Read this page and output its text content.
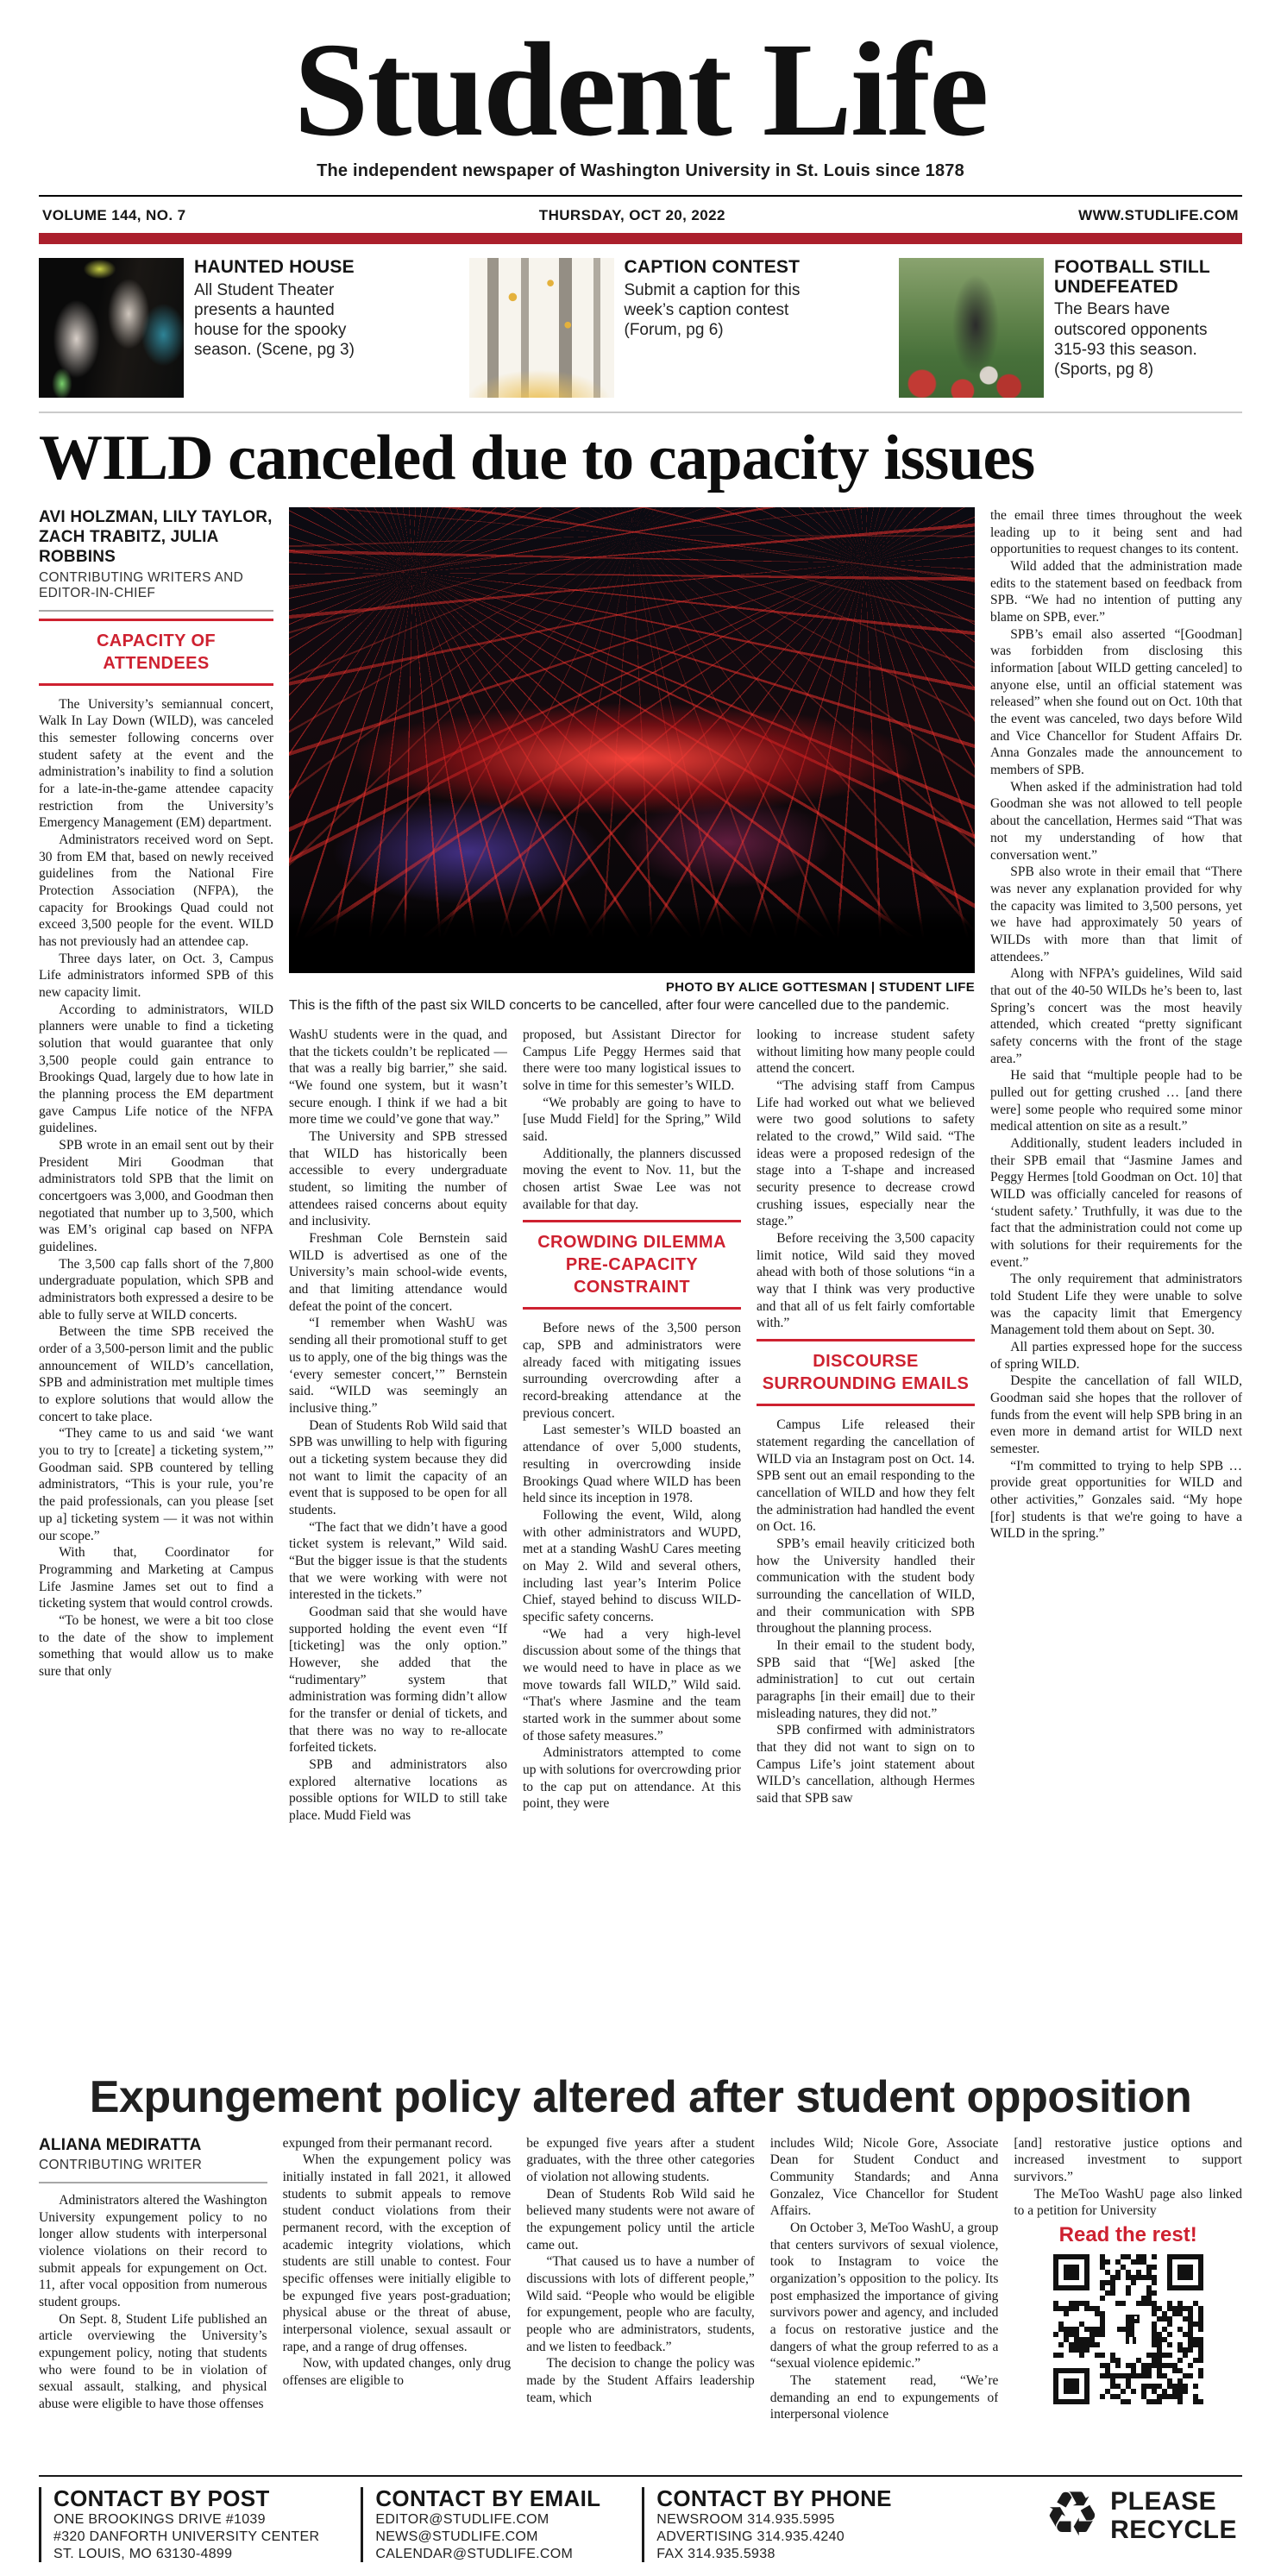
Student Life
The independent newspaper of Washington University in St. Louis since 1878
VOLUME 144, NO. 7	THURSDAY, OCT 20, 2022	WWW.STUDLIFE.COM
HAUNTED HOUSE
All Student Theater presents a haunted house for the spooky season. (Scene, pg 3)
CAPTION CONTEST
Submit a caption for this week’s caption contest (Forum, pg 6)
FOOTBALL STILL UNDEFEATED
The Bears have outscored opponents 315-93 this season. (Sports, pg 8)
WILD canceled due to capacity issues
AVI HOLZMAN, LILY TAYLOR, ZACH TRABITZ, JULIA ROBBINS
CONTRIBUTING WRITERS AND EDITOR-IN-CHIEF
CAPACITY OF ATTENDEES

The University’s semiannual concert, Walk In Lay Down (WILD), was canceled this semester following concerns over student safety at the event and the administration’s inability to find a solution for a late-in-the-game attendee capacity restriction from the University’s Emergency Management (EM) department.

Administrators received word on Sept. 30 from EM that, based on newly received guidelines from the National Fire Protection Association (NFPA), the capacity for Brookings Quad could not exceed 3,500 people for the event. WILD has not previously had an attendee cap.

Three days later, on Oct. 3, Campus Life administrators informed SPB of this new capacity limit.

According to administrators, WILD planners were unable to find a ticketing solution that would guarantee that only 3,500 people could gain entrance to Brookings Quad, largely due to how late in the planning process the EM department gave Campus Life notice of the NFPA guidelines.

SPB wrote in an email sent out by their President Miri Goodman that administrators told SPB that the limit on concertgoers was 3,000, and Goodman then negotiated that number up to 3,500, which was EM’s original cap based on NFPA guidelines.

The 3,500 cap falls short of the 7,800 undergraduate population, which SPB and administrators both expressed a desire to be able to fully serve at WILD concerts.

Between the time SPB received the order of a 3,500-person limit and the public announcement of WILD’s cancellation, SPB and administration met multiple times to explore solutions that would allow the concert to take place.

“They came to us and said ‘we want you to try to [create] a ticketing system,’” Goodman said. SPB countered by telling administrators, “This is your rule, you’re the paid professionals, can you please [set up a] ticketing system — it was not within our scope.”

With that, Coordinator for Programming and Marketing at Campus Life Jasmine James set out to find a ticketing system that would control crowds.

“To be honest, we were a bit too close to the date of the show to implement something that would allow us to make sure that only

PHOTO BY ALICE GOTTESMAN | STUDENT LIFE
This is the fifth of the past six WILD concerts to be cancelled, after four were cancelled due to the pandemic.

WashU students were in the quad, and that the tickets couldn’t be replicated — that was a really big barrier,” she said. “We found one system, but it wasn’t secure enough. I think if we had a bit more time we could’ve gone that way.”

The University and SPB stressed that WILD has historically been accessible to every undergraduate student, so limiting the number of attendees raised concerns about equity and inclusivity.

Freshman Cole Bernstein said WILD is advertised as one of the University’s main school-wide events, and that limiting attendance would defeat the point of the concert.

“I remember when WashU was sending all their promotional stuff to get us to apply, one of the big things was the ‘every semester concert,’” Bernstein said. “WILD was seemingly an inclusive thing.”

Dean of Students Rob Wild said that SPB was unwilling to help with figuring out a ticketing system because they did not want to limit the capacity of an event that is supposed to be open for all students.

“The fact that we didn’t have a good ticket system is relevant,” Wild said. “But the bigger issue is that the students that we were working with were not interested in the tickets.”

Goodman said that she would have supported holding the event even “If [ticketing] was the only option.” However, she added that the “rudimentary” system that administration was forming didn’t allow for the transfer or denial of tickets, and that there was no way to re-allocate forfeited tickets.

SPB and administrators also explored alternative locations as possible options for WILD to still take place. Mudd Field was

proposed, but Assistant Director for Campus Life Peggy Hermes said that there were too many logistical issues to solve in time for this semester’s WILD.

“We probably are going to have to [use Mudd Field] for the Spring,” Wild said.

Additionally, the planners discussed moving the event to Nov. 11, but the chosen artist Swae Lee was not available for that day.

CROWDING DILEMMA PRE-CAPACITY CONSTRAINT

Before news of the 3,500 person cap, SPB and administrators were already faced with mitigating issues surrounding overcrowding after a record-breaking attendance at the previous concert.

Last semester’s WILD boasted an attendance of over 5,000 students, resulting in overcrowding inside Brookings Quad where WILD has been held since its inception in 1978.

Following the event, Wild, along with other administrators and WUPD, met at a standing WashU Cares meeting on May 2. Wild and several others, including last year’s Interim Police Chief, stayed behind to discuss WILD-specific safety concerns.

“We had a very high-level discussion about some of the things that we would need to have in place as we move towards fall WILD,” Wild said. “That's where Jasmine and the team started work in the summer about some of those safety measures.”

Administrators attempted to come up with solutions for overcrowding prior to the cap put on attendance. At this point, they were

looking to increase student safety without limiting how many people could attend the concert.

“The advising staff from Campus Life had worked out what we believed were two good solutions to safety related to the crowd,” Wild said. “The ideas were a proposed redesign of the stage into a T-shape and increased security presence to decrease crowd crushing issues, especially near the stage.”

Before receiving the 3,500 capacity limit notice, Wild said they moved ahead with both of those solutions “in a way that I think was very productive and that all of us felt fairly comfortable with.”

DISCOURSE SURROUNDING EMAILS

Campus Life released their statement regarding the cancellation of WILD via an Instagram post on Oct. 14. SPB sent out an email responding to the cancellation of WILD and how they felt the administration had handled the event on Oct. 16.

SPB’s email heavily criticized both how the University handled their communication with the student body surrounding the cancellation of WILD, and their communication with SPB throughout the planning process.

In their email to the student body, SPB said that “[We] asked [the administration] to cut out certain paragraphs [in their email] due to their misleading natures, they did not.”

SPB confirmed with administrators that they did not want to sign on to Campus Life’s joint statement about WILD’s cancellation, although Hermes said that SPB saw

the email three times throughout the week leading up to it being sent and had opportunities to request changes to its content.

Wild added that the administration made edits to the statement based on feedback from SPB. “We had no intention of putting any blame on SPB, ever.”

SPB’s email also asserted “[Goodman] was forbidden from disclosing this information [about WILD getting canceled] to anyone else, until an official statement was released” when she found out on Oct. 10th that the event was canceled, two days before Wild and Vice Chancellor for Student Affairs Dr. Anna Gonzales made the announcement to members of SPB.

When asked if the administration had told Goodman she was not allowed to tell people about the cancellation, Hermes said “That was not my understanding of how that conversation went.”

SPB also wrote in their email that “There was never any explanation provided for why the capacity was limited to 3,500 persons, yet we have had approximately 50 years of WILDs with more than that limit of attendees.”

Along with NFPA’s guidelines, Wild said that out of the 40-50 WILDs he’s been to, last Spring’s concert was the most heavily attended, which created “pretty significant safety concerns with the front of the stage area.”

He said that “multiple people had to be pulled out for getting crushed … [and there were] some people who required some minor medical attention on site as a result.”

Additionally, student leaders included in their SPB email that “Jasmine James and Peggy Hermes [told Goodman on Oct. 10] that WILD was officially canceled for reasons of ‘student safety.’ Truthfully, it was due to the fact that the administration could not come up with solutions for their requirements for the event.”

The only requirement that administrators told Student Life they were unable to solve was the capacity limit that Emergency Management told them about on Sept. 30.

All parties expressed hope for the success of spring WILD.

Despite the cancellation of fall WILD, Goodman said she hopes that the rollover of funds from the event will help SPB bring in an even more in demand artist for WILD next semester.

“I'm committed to trying to help SPB … provide great opportunities for WILD and other activities,” Gonzales said. “My hope [for] students is that we're going to have a WILD in the spring.”

Expungement policy altered after student opposition
ALIANA MEDIRATTA
CONTRIBUTING WRITER

Administrators altered the Washington University expungement policy to no longer allow students with interpersonal violence violations on their record to submit appeals for expungement on Oct. 11, after vocal opposition from numerous student groups.

On Sept. 8, Student Life published an article overviewing the University’s expungement policy, noting that students who were found to be in violation of sexual assault, stalking, and physical abuse were eligible to have those offenses

expunged from their permanant record.

When the expungement policy was initially instated in fall 2021, it allowed students to submit appeals to remove student conduct violations from their permanent record, with the exception of academic integrity violations, which students are still unable to contest. Four specific offenses were initially eligible to be expunged five years post-graduation; physical abuse or the threat of abuse, interpersonal violence, sexual assault or rape, and a range of drug offenses.

Now, with updated changes, only drug offenses are eligible to

be expunged five years after a student graduates, with the three other categories of violation not allowing students.

Dean of Students Rob Wild said he believed many students were not aware of the expungement policy until the article came out.

“That caused us to have a number of discussions with lots of different people,” Wild said. “People who would be eligible for expungement, people who are faculty, people who are administrators, students, and we listen to feedback.”

The decision to change the policy was made by the Student Affairs leadership team, which

includes Wild; Nicole Gore, Associate Dean for Student Conduct and Community Standards; and Anna Gonzalez, Vice Chancellor for Student Affairs.

On October 3, MeToo WashU, a group that centers survivors of sexual violence, took to Instagram to voice the organization’s opposition to the policy. Its post emphasized the importance of giving survivors power and agency, and included a focus on restorative justice and the dangers of what the group referred to as a “sexual violence epidemic.”

The statement read, “We’re demanding an end to expungements of interpersonal violence

[and] restorative justice options and increased investment to support survivors.”

The MeToo WashU page also linked to a petition for University

Read the rest!
CONTACT BY POST

ONE BROOKINGS DRIVE #1039

#320 DANFORTH UNIVERSITY CENTER

ST. LOUIS, MO 63130-4899

CONTACT BY EMAIL

EDITOR@STUDLIFE.COM

NEWS@STUDLIFE.COM

CALENDAR@STUDLIFE.COM

CONTACT BY PHONE

NEWSROOM 314.935.5995

ADVERTISING 314.935.4240

FAX 314.935.5938

♻ PLEASE
RECYCLE
